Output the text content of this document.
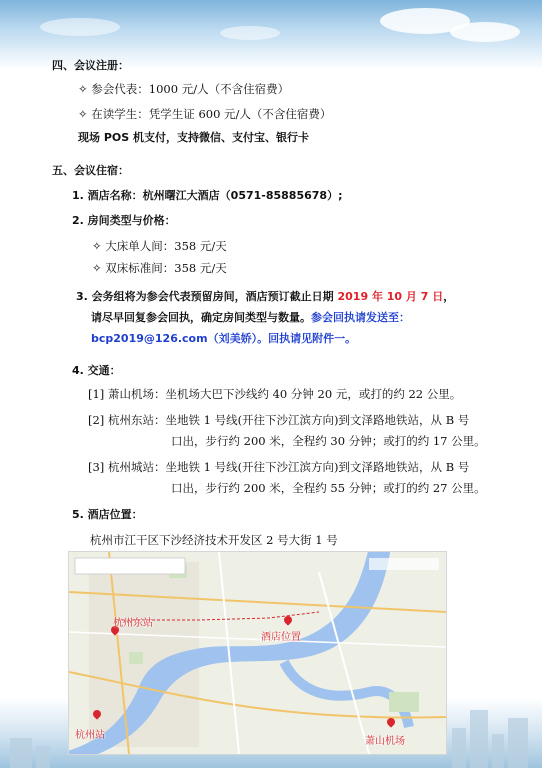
四、会议注册：
✧ 参会代表：1000 元/人（不含住宿费）
✧ 在读学生：凭学生证 600 元/人（不含住宿费）
现场 POS 机支付，支持微信、支付宝、银行卡
五、会议住宿：
1. 酒店名称：杭州曙江大酒店（0571-85885678）;
2. 房间类型与价格：
✧ 大床单人间：358 元/天
✧ 双床标准间：358 元/天
3. 会务组将为参会代表预留房间，酒店预订截止日期 2019 年 10 月 7 日，
请尽早回复参会回执，确定房间类型与数量。参会回执请发送至：
bcp2019@126.com（刘美娇）。回执请见附件一。
4. 交通：
[1] 萧山机场：坐机场大巴下沙线约 40 分钟 20 元，或打的约 22 公里。
[2] 杭州东站：坐地铁 1 号线(开往下沙江滨方向)到文泽路地铁站，从 B 号
口出，步行约 200 米，全程约 30 分钟；或打的约 17 公里。
[3] 杭州城站：坐地铁 1 号线(开往下沙江滨方向)到文泽路地铁站，从 B 号
口出，步行约 200 米，全程约 55 分钟；或打的约 27 公里。
5. 酒店位置：
杭州市江干区下沙经济技术开发区 2 号大街 1 号
杭州东站
酒店位置
杭州站
萧山机场
